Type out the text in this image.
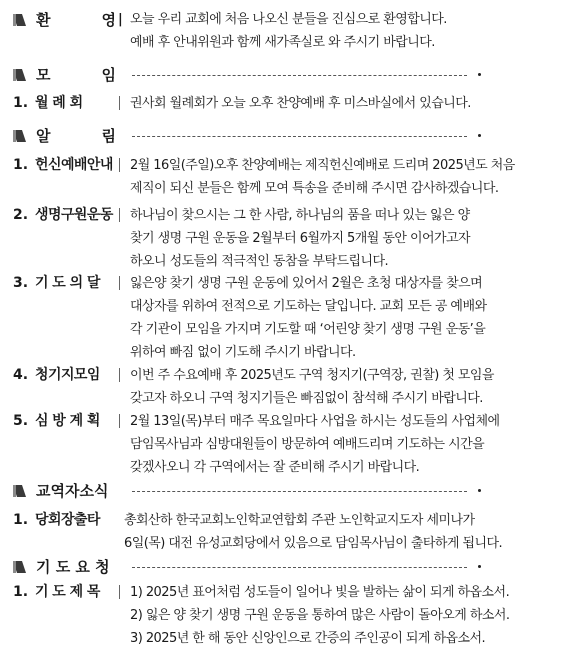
환	영 | 오늘 우리 교회에 처음 나오신 분들을 진심으로 환영합니다.
예배 후 안내위원과 함께 새가족실로 와 주시기 바랍니다.
모	임
1. 월 례 회	권사회 월례회가 오늘 오후 찬양예배 후 미스바실에서 있습니다.
알	림
1. 헌신예배안내	2월 16일(주일)오후 찬양예배는 제직헌신예배로 드리며 2025년도 처음
제직이 되신 분들은 함께 모여 특송을 준비해 주시면 감사하겠습니다.
2. 생명구원운동	하나님이 찾으시는 그 한 사람, 하나님의 품을 떠나 있는 잃은 양
찾기 생명 구원 운동을 2월부터 6월까지 5개월 동안 이어가고자
하오니 성도들의 적극적인 동참을 부탁드립니다.
3. 기 도 의 달	잃은양 찾기 생명 구원 운동에 있어서 2월은 초청 대상자를 찾으며
대상자를 위하여 전적으로 기도하는 달입니다. 교회 모든 공 예배와
각 기관이 모임을 가지며 기도할 때 ‘어린양 찾기 생명 구원 운동’을
위하여 빠짐 없이 기도해 주시기 바랍니다.
4. 청기지모임	이번 주 수요예배 후 2025년도 구역 청지기(구역장, 권찰) 첫 모임을
갖고자 하오니 구역 청지기들은 빠짐없이 참석해 주시기 바랍니다.
5. 심 방 계 획	2월 13일(목)부터 매주 목요일마다 사업을 하시는 성도들의 사업체에
담임목사님과 심방대원들이 방문하여 예배드리며 기도하는 시간을
갖겠사오니 각 구역에서는 잘 준비해 주시기 바랍니다.
교역자소식
1. 당회장출타	총회산하 한국교회노인학교연합회 주관 노인학교지도자 세미나가
6일(목) 대전 유성교회당에서 있음으로 담임목사님이 출타하게 됩니다.
기 도 요 청
1. 기 도 제 목	1) 2025년 표어처럼 성도들이 일어나 빛을 발하는 삶이 되게 하옵소서.
2) 잃은 양 찾기 생명 구원 운동을 통하여 많은 사람이 돌아오게 하소서.
3) 2025년 한 해 동안 신앙인으로 간증의 주인공이 되게 하옵소서.
